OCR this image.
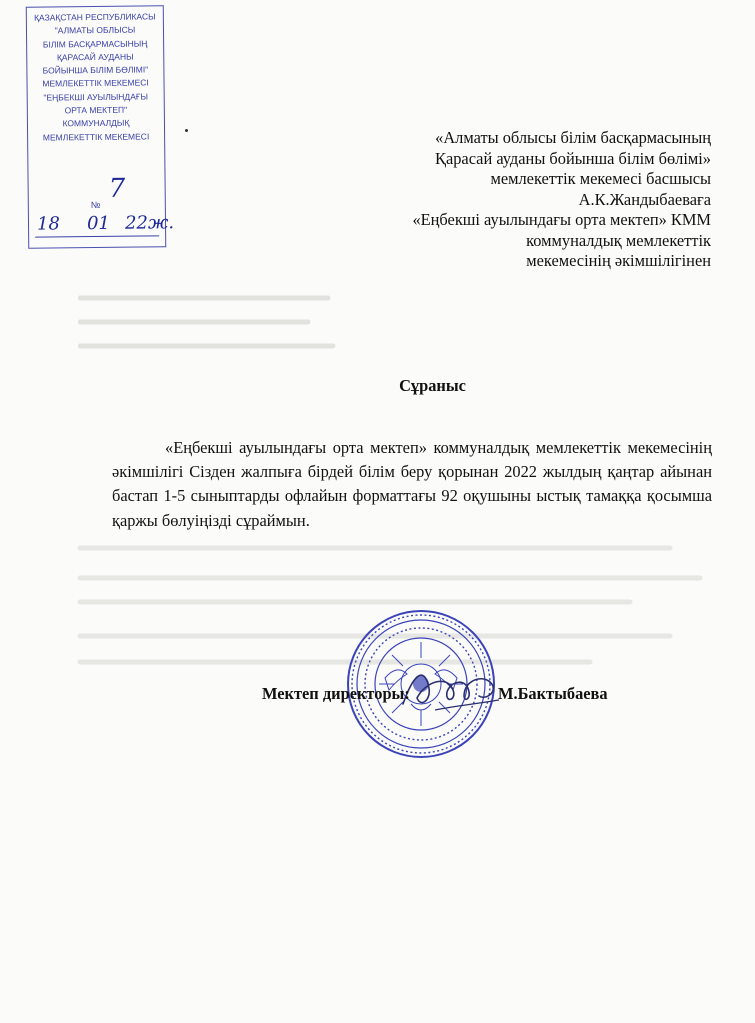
ҚАЗАҚСТАН РЕСПУБЛИКАСЫ
"АЛМАТЫ ОБЛЫСЫ
БІЛІМ БАСҚАРМАСЫНЫҢ
ҚАРАСАЙ АУДАНЫ
БОЙЫНША БІЛІМ БӨЛІМІ"
МЕМЛЕКЕТТІК МЕКЕМЕСІ
"ЕҢБЕКШІ АУЫЛЫНДАҒЫ
ОРТА МЕКТЕП"
КОММУНАЛДЫҚ
МЕМЛЕКЕТТІК МЕКЕМЕСІ
№
7
18 01 22ж.
«Алматы облысы білім басқармасының
Қарасай ауданы бойынша білім бөлімі»
мемлекеттік мекемесі басшысы
А.К.Жандыбаеваға
«Еңбекші ауылындағы орта мектеп» КММ
коммуналдық мемлекеттік
мекемесінің әкімшілігінен
Сұраныс
«Еңбекші ауылындағы орта мектеп» коммуналдық мемлекеттік мекемесінің әкімшілігі Сізден жалпыға бірдей білім беру қорынан 2022 жылдың қаңтар айынан бастап 1-5 сыныптарды офлайын форматтағы 92 оқушыны ыстық тамаққа қосымша қаржы бөлуіңізді сұраймын.
Мектеп директоры:	М.Бактыбаева
